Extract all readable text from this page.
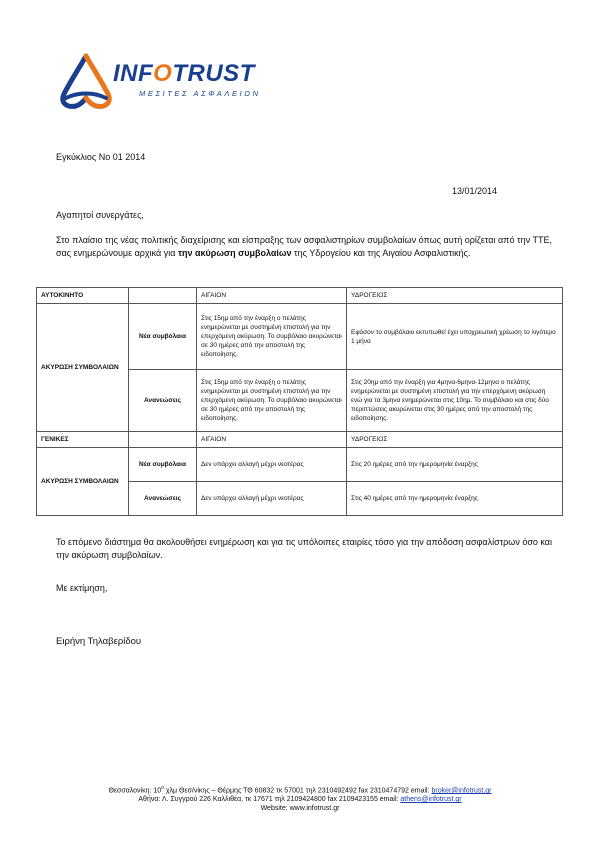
INFOTRUST
ΜΕΣΙΤΕΣ ΑΣΦΑΛΕΙΩΝ
Εγκύκλιος Νο 01 2014
13/01/2014
Αγαπητοί συνεργάτες,

Στο πλαίσιο της νέας πολιτικής διαχείρισης και είσπραξης των ασφαλιστηρίων συμβολαίων όπως αυτή ορίζεται από την ΤΤΕ, σας ενημερώνουμε αρχικά για την ακύρωση συμβολαίων της Υδρογείου και της Αιγαίου Ασφαλιστικής.

ΑΥΤΟΚΙΝΗΤΟ		ΑΙΓΑΙΟΝ	ΥΔΡΟΓΕΙΟΣ
ΑΚΥΡΩΣΗ ΣΥΜΒΟΛΑΙΩΝ	Νέα συμβόλαια	Στις 15ημ από την έναρξη ο πελάτης ενημερώνεται με συστημένη επιστολή για την επερχόμενη ακύρωση. Το συμβόλαιο ακυρώνεται σε 30 ημέρες από την αποστολή της ειδοποίησης.	Εφόσον το συμβόλαιο εκτυπωθεί έχει υποχρεωτική χρέωση το λιγότερο 1 μήνα
	Ανανεώσεις	Στις 15ημ από την έναρξη ο πελάτης ενημερώνεται με συστημένη επιστολή για την επερχόμενη ακύρωση. Το συμβόλαιο ακυρώνεται σε 30 ημέρες από την αποστολή της ειδοποίησης.	Στις 20ημ από την έναρξη για 4μηνα-6μηνα-12μηνα ο πελάτης ενημερώνεται με συστημένη επιστολή για την επερχόμενη ακύρωση ενώ για τα 3μηνα ενημερώνεται στις 10ημ. Το συμβόλαιο και στις δύο περιπτώσεις ακυρώνεται στις 30 ημέρες από την αποστολή της ειδοποίησης.
ΓΕΝΙΚΕΣ		ΑΙΓΑΙΟΝ	ΥΔΡΟΓΕΙΟΣ
ΑΚΥΡΩΣΗ ΣΥΜΒΟΛΑΙΩΝ	Νέα συμβόλαια	Δεν υπάρχει αλλαγή μέχρι νεοτέρας	Στις 20 ημέρες από την ημερομηνία έναρξης
	Ανανεώσεις	Δεν υπάρχει αλλαγή μέχρι νεοτέρας	Στις 40 ημέρες από την ημερομηνία έναρξης

Το επόμενο διάστημα θα ακολουθήσει ενημέρωση και για τις υπόλοιπες εταιρίες τόσο για την απόδοση ασφαλίστρων όσο και την ακύρωση συμβολαίων.

Με εκτίμηση,
Ειρήνη Τηλαβερίδου
Θεσσαλονίκη: $10^o$ χλμ Θεσ/νίκης – Θέρμης ΤΘ 60832 τκ 57001 τηλ 2310492492 fax 2310474792 email: broker@infotrust.gr
Αθήνα: Λ. Συγγρού 226 Καλλιθέα, τκ 17671 τηλ 2109424800 fax 2109423155 email: athens@infotrust.gr
Website: www.infotrust.gr
